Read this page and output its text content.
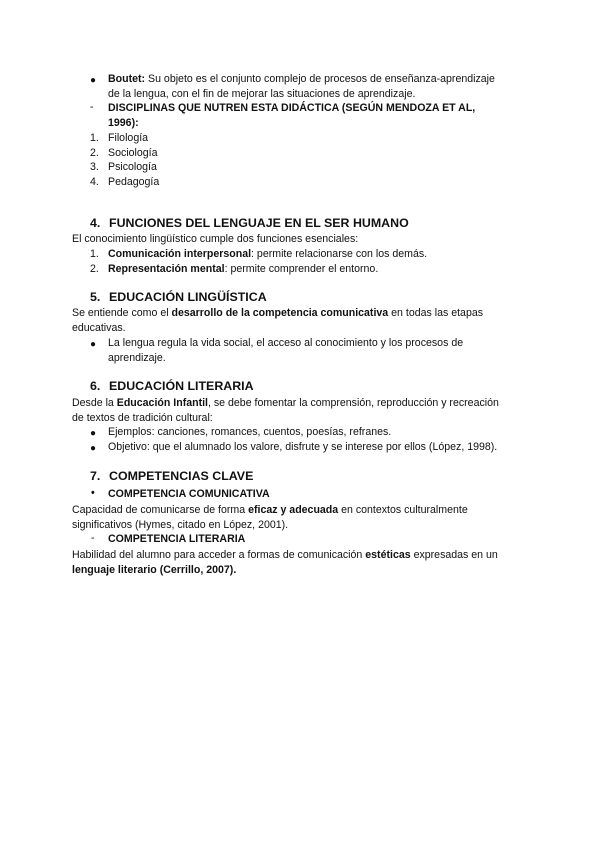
● Boutet: Su objeto es el conjunto complejo de procesos de enseñanza-aprendizaje
de la lengua, con el fin de mejorar las situaciones de aprendizaje.
- DISCIPLINAS QUE NUTREN ESTA DIDÁCTICA (SEGÚN MENDOZA ET AL,
1996):
1. Filología
2. Sociología
3. Psicología
4. Pedagogía
4. FUNCIONES DEL LENGUAJE EN EL SER HUMANO
El conocimiento lingüístico cumple dos funciones esenciales:
1. Comunicación interpersonal: permite relacionarse con los demás.
2. Representación mental: permite comprender el entorno.
5. EDUCACIÓN LINGÜÍSTICA
Se entiende como el desarrollo de la competencia comunicativa en todas las etapas
educativas.
● La lengua regula la vida social, el acceso al conocimiento y los procesos de
aprendizaje.
6. EDUCACIÓN LITERARIA
Desde la Educación Infantil, se debe fomentar la comprensión, reproducción y recreación
de textos de tradición cultural:
● Ejemplos: canciones, romances, cuentos, poesías, refranes.
● Objetivo: que el alumnado los valore, disfrute y se interese por ellos (López, 1998).
7. COMPETENCIAS CLAVE
• COMPETENCIA COMUNICATIVA
Capacidad de comunicarse de forma eficaz y adecuada en contextos culturalmente
significativos (Hymes, citado en López, 2001).
- COMPETENCIA LITERARIA
Habilidad del alumno para acceder a formas de comunicación estéticas expresadas en un
lenguaje literario (Cerrillo, 2007).
